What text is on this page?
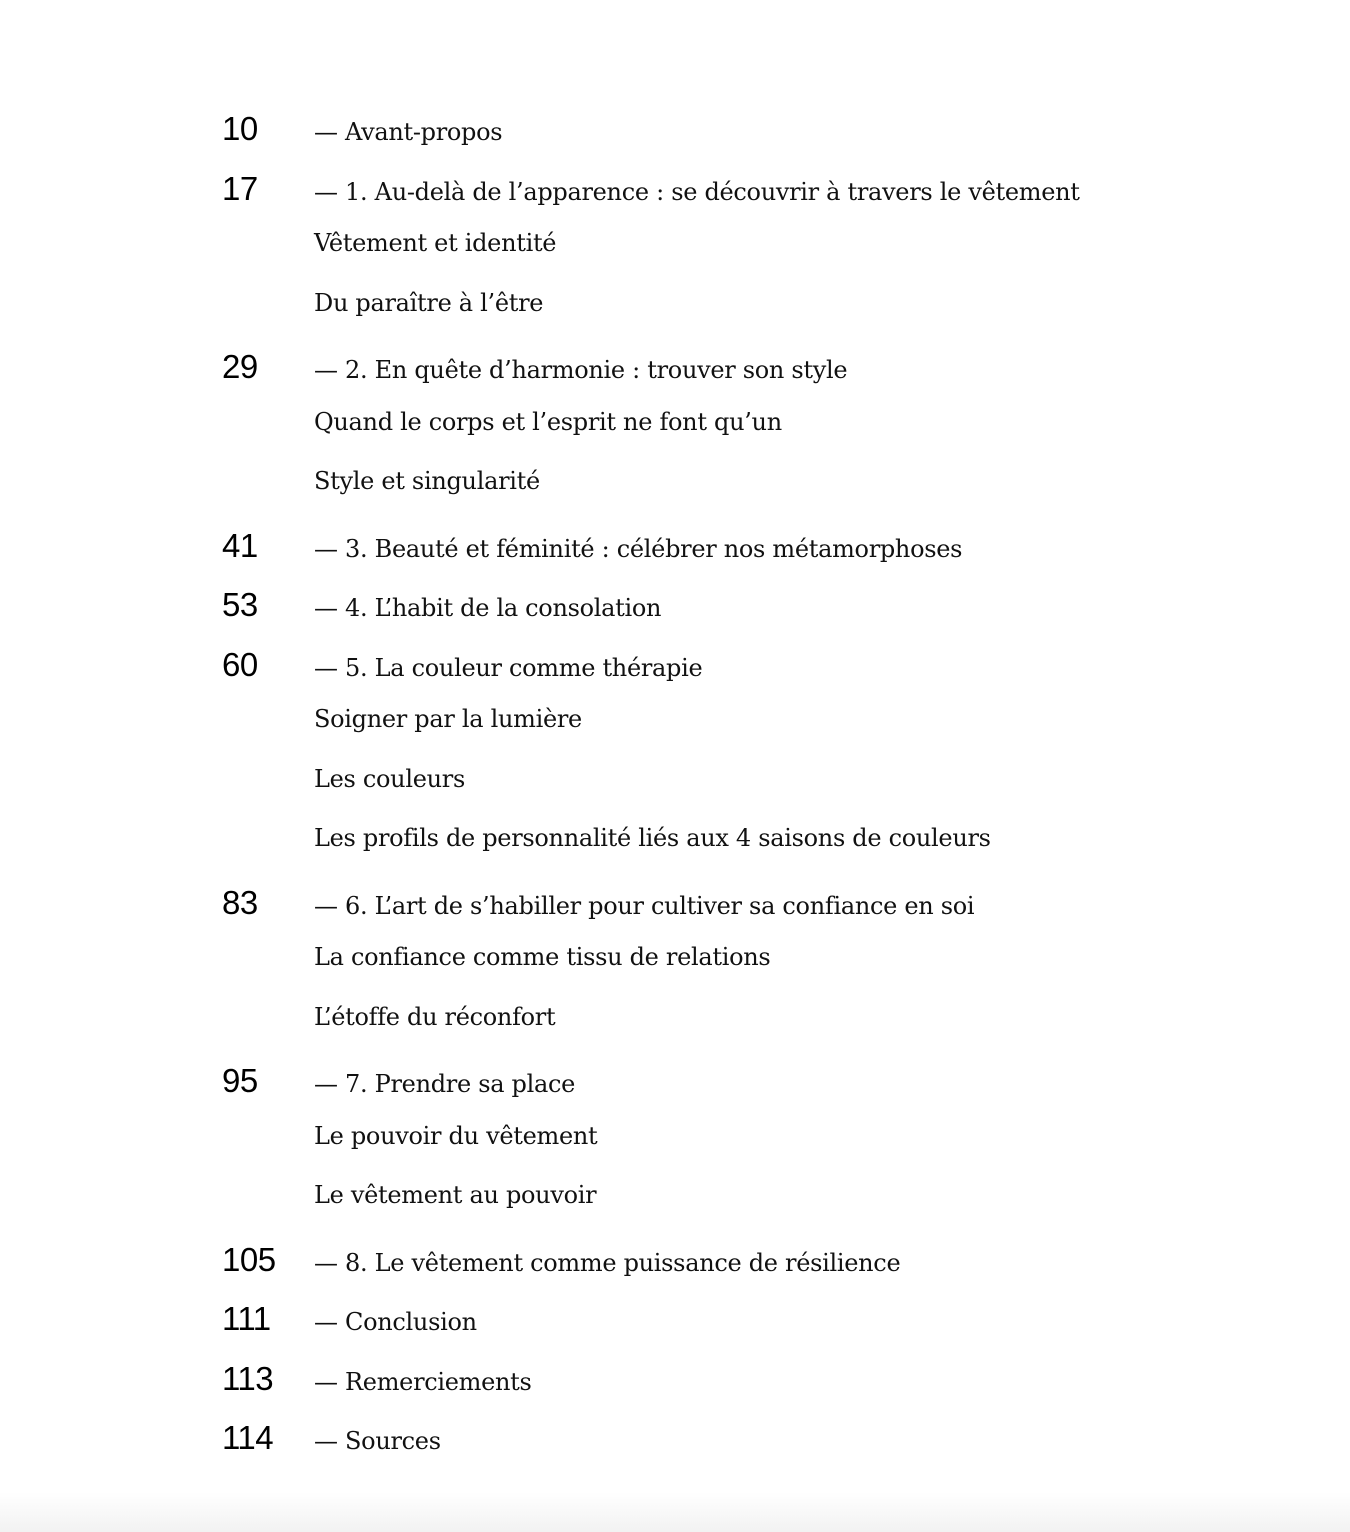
10	— Avant-propos
17	— 1. Au-delà de l’apparence : se découvrir à travers le vêtement
Vêtement et identité
Du paraître à l’être
29	— 2. En quête d’harmonie : trouver son style
Quand le corps et l’esprit ne font qu’un
Style et singularité
41	— 3. Beauté et féminité : célébrer nos métamorphoses
53	— 4. L’habit de la consolation
60	— 5. La couleur comme thérapie
Soigner par la lumière
Les couleurs
Les profils de personnalité liés aux 4 saisons de couleurs
83	— 6. L’art de s’habiller pour cultiver sa confiance en soi
La confiance comme tissu de relations
L’étoffe du réconfort
95	— 7. Prendre sa place
Le pouvoir du vêtement
Le vêtement au pouvoir
105	— 8. Le vêtement comme puissance de résilience
111	— Conclusion
113	— Remerciements
114	— Sources
